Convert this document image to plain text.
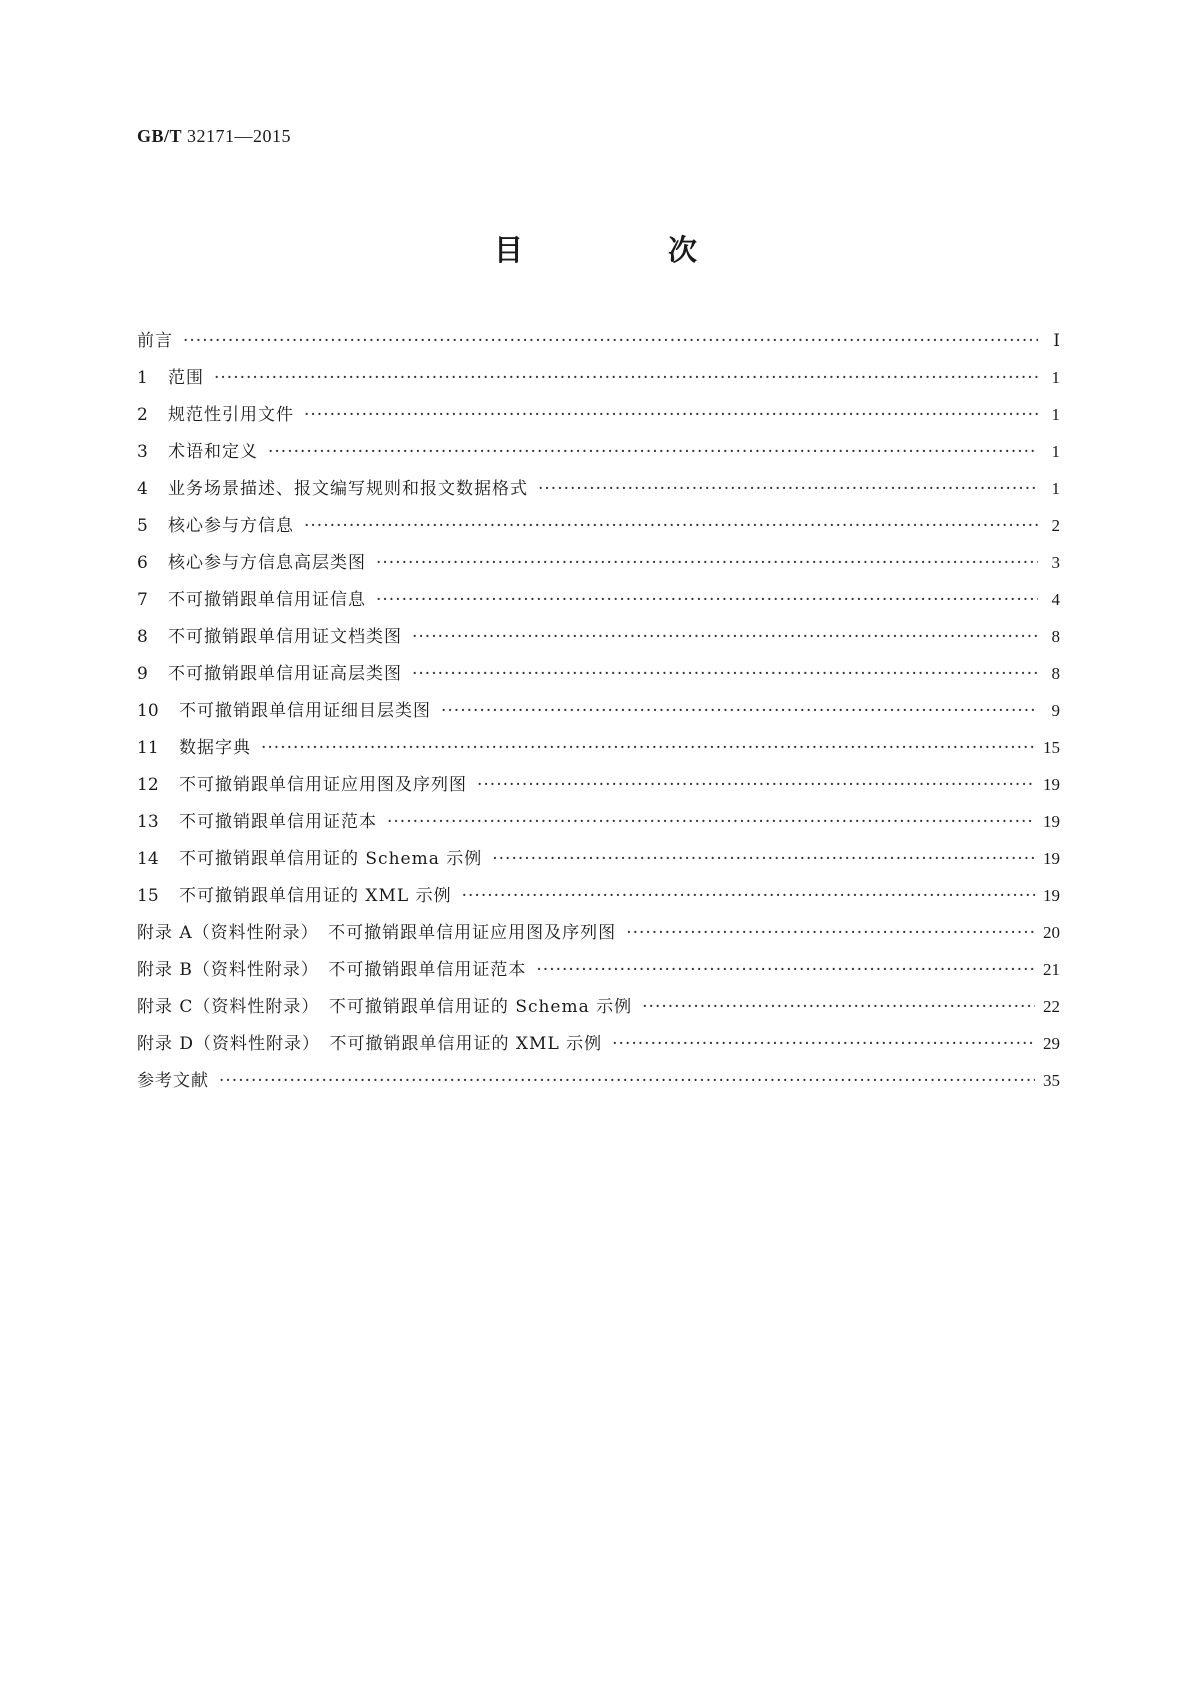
GB/T 32171—2015
目　次
前言 ·····	Ⅰ
1	范围 ·····	1
2	规范性引用文件 ·····	1
3	术语和定义 ·····	1
4	业务场景描述、报文编写规则和报文数据格式 ·····	1
5	核心参与方信息 ·····	2
6	核心参与方信息高层类图 ·····	3
7	不可撤销跟单信用证信息 ·····	4
8	不可撤销跟单信用证文档类图 ·····	8
9	不可撤销跟单信用证高层类图 ·····	8
10	不可撤销跟单信用证细目层类图 ·····	9
11	数据字典 ·····	15
12	不可撤销跟单信用证应用图及序列图 ·····	19
13	不可撤销跟单信用证范本 ·····	19
14	不可撤销跟单信用证的 Schema 示例 ·····	19
15	不可撤销跟单信用证的 XML 示例 ·····	19
附录 A（资料性附录）　不可撤销跟单信用证应用图及序列图 ·····	20
附录 B（资料性附录）　不可撤销跟单信用证范本 ·····	21
附录 C（资料性附录）　不可撤销跟单信用证的 Schema 示例 ·····	22
附录 D（资料性附录）　不可撤销跟单信用证的 XML 示例 ·····	29
参考文献 ·····	35
